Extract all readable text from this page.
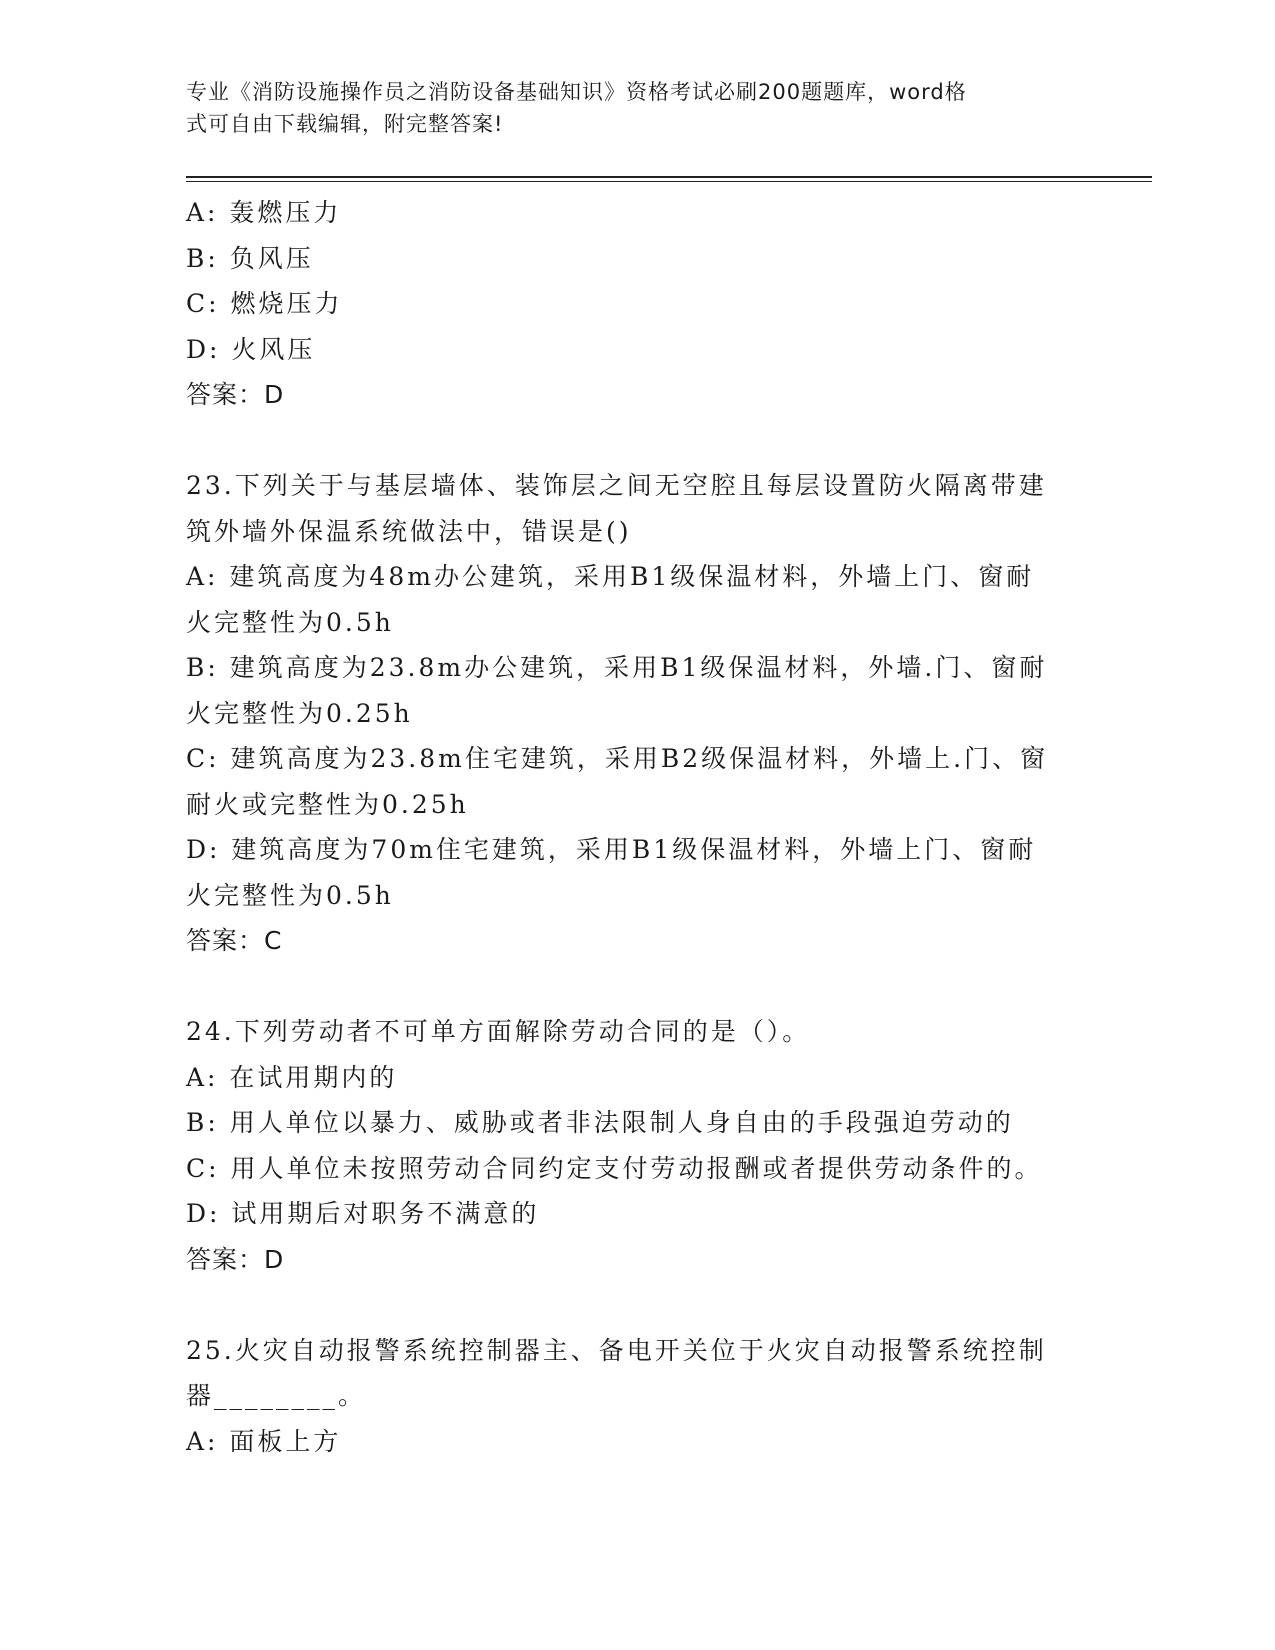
专业《消防设施操作员之消防设备基础知识》资格考试必刷200题题库，word格
式可自由下载编辑，附完整答案!
A: 轰燃压力
B: 负风压
C: 燃烧压力
D: 火风压
答案：D
23.下列关于与基层墙体、装饰层之间无空腔且每层设置防火隔离带建
筑外墙外保温系统做法中，错误是()
A: 建筑高度为48m办公建筑，采用B1级保温材料，外墙上门、窗耐
火完整性为0.5h
B: 建筑高度为23.8m办公建筑，采用B1级保温材料，外墙.门、窗耐
火完整性为0.25h
C: 建筑高度为23.8m住宅建筑，采用B2级保温材料，外墙上.门、窗
耐火或完整性为0.25h
D: 建筑高度为70m住宅建筑，采用B1级保温材料，外墙上门、窗耐
火完整性为0.5h
答案：C
24.下列劳动者不可单方面解除劳动合同的是（）。
A: 在试用期内的
B: 用人单位以暴力、威胁或者非法限制人身自由的手段强迫劳动的
C: 用人单位未按照劳动合同约定支付劳动报酬或者提供劳动条件的。
D: 试用期后对职务不满意的
答案：D
25.火灾自动报警系统控制器主、备电开关位于火灾自动报警系统控制
器________。
A: 面板上方
